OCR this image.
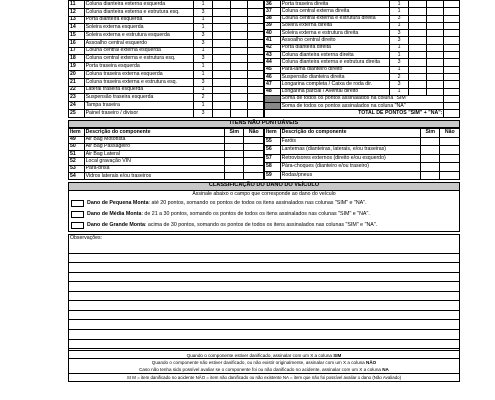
11	Coluna dianteira externa esquerda	1			
12	Coluna dianteira externa e estrutura esq.	3			
13	Porta dianteira esquerda	1			
14	Soleira externa esquerda	1			
15	Soleira externa e estrutura esquerda	3			
16	Assoalho central esquerdo	3			
17	Coluna central externa esquerda	1			
18	Coluna central externa e estrutura esq.	3			
19	Porta traseira esquerda	1			
20	Coluna traseira externa esquerda	1			
21	Coluna traseira externa e estrutura esq.	3			
22	Lateral traseira esquerda	1			
23	Suspensão traseira esquerda	2			
24	Tampa traseira	1			
25	Painel traseiro / divisor	3			
36	Porta traseira direita	1			
37	Coluna central externa direita	1			
38	Coluna central externa e estrutura direita	3			
39	Soleira externa direita	1			
40	Soleira externa e estrutura direita	3			
41	Assoalho central direito	3			
42	Porta dianteira direita	1			
43	Coluna dianteira externa direita	1			
44	Coluna dianteira externa e estrutura direita	3			
45	Pára-lama dianteiro direito	1			
46	Suspensão dianteira direita	2			
47	Longarina completa / Caixa de roda dir.	3			
48	Longarina parcial / Avental direito	1			
	Soma de todos os pontos assinalados na coluna "SIM"				
	Soma de todos os pontos assinalados na coluna "NA"				
TOTAL DE PONTOS "SIM" + "NA":					
ITENS NÃO PONTUÁVEIS
Item	Descrição do componente	Sim	Não
49	Air Bag Motorista		
50	Air Bag Passageiro		
51	Air Bag Lateral		
52	Local gravação VIN		
53	Pára-brisa		
54	Vidros laterais e/ou traseiros		
Item	Descrição do componente	Sim	Não
55	Faróis		
56	Lanternas (dianteiras, laterais, e/ou traseiras)		
57	Retrovisores externos (direito e/ou esquerdo)		
58	Pára-choques (dianteiro e/ou traseiro)		
59	Rodas/pneus		
CLASSIFICAÇÃO DO DANO DO VEÍCULO
Assinale abaixo o campo que corresponde ao dano do veículo
Dano de Pequena Monta : até 20 pontos, somando os pontos de todos os itens assinalados nas colunas "SIM" e "NA".
Dano de Média Monta : de 21 a 30 pontos, somando os pontos de todos os itens assinalados nas colunas "SIM" e "NA".
Dano de Grande Monta : acima de 30 pontos, somando os pontos de todos os itens assinalados nas colunas "SIM" e "NA".
Observações:
Quando o componente estiver danificado, assinalar com um X a coluna SIM
Quando o componente não estiver danificado, ou não existir originalmente, assinalar com um X a coluna NÃO
Caso não tenha sido possível avaliar se o componente foi ou não danificado no acidente, assinalar com um X a coluna NA
SI M = item danificado no acidente NÃO = item não danificado ou não existente NA = item que não foi possível avaliar o dano (Não Avaliado)
